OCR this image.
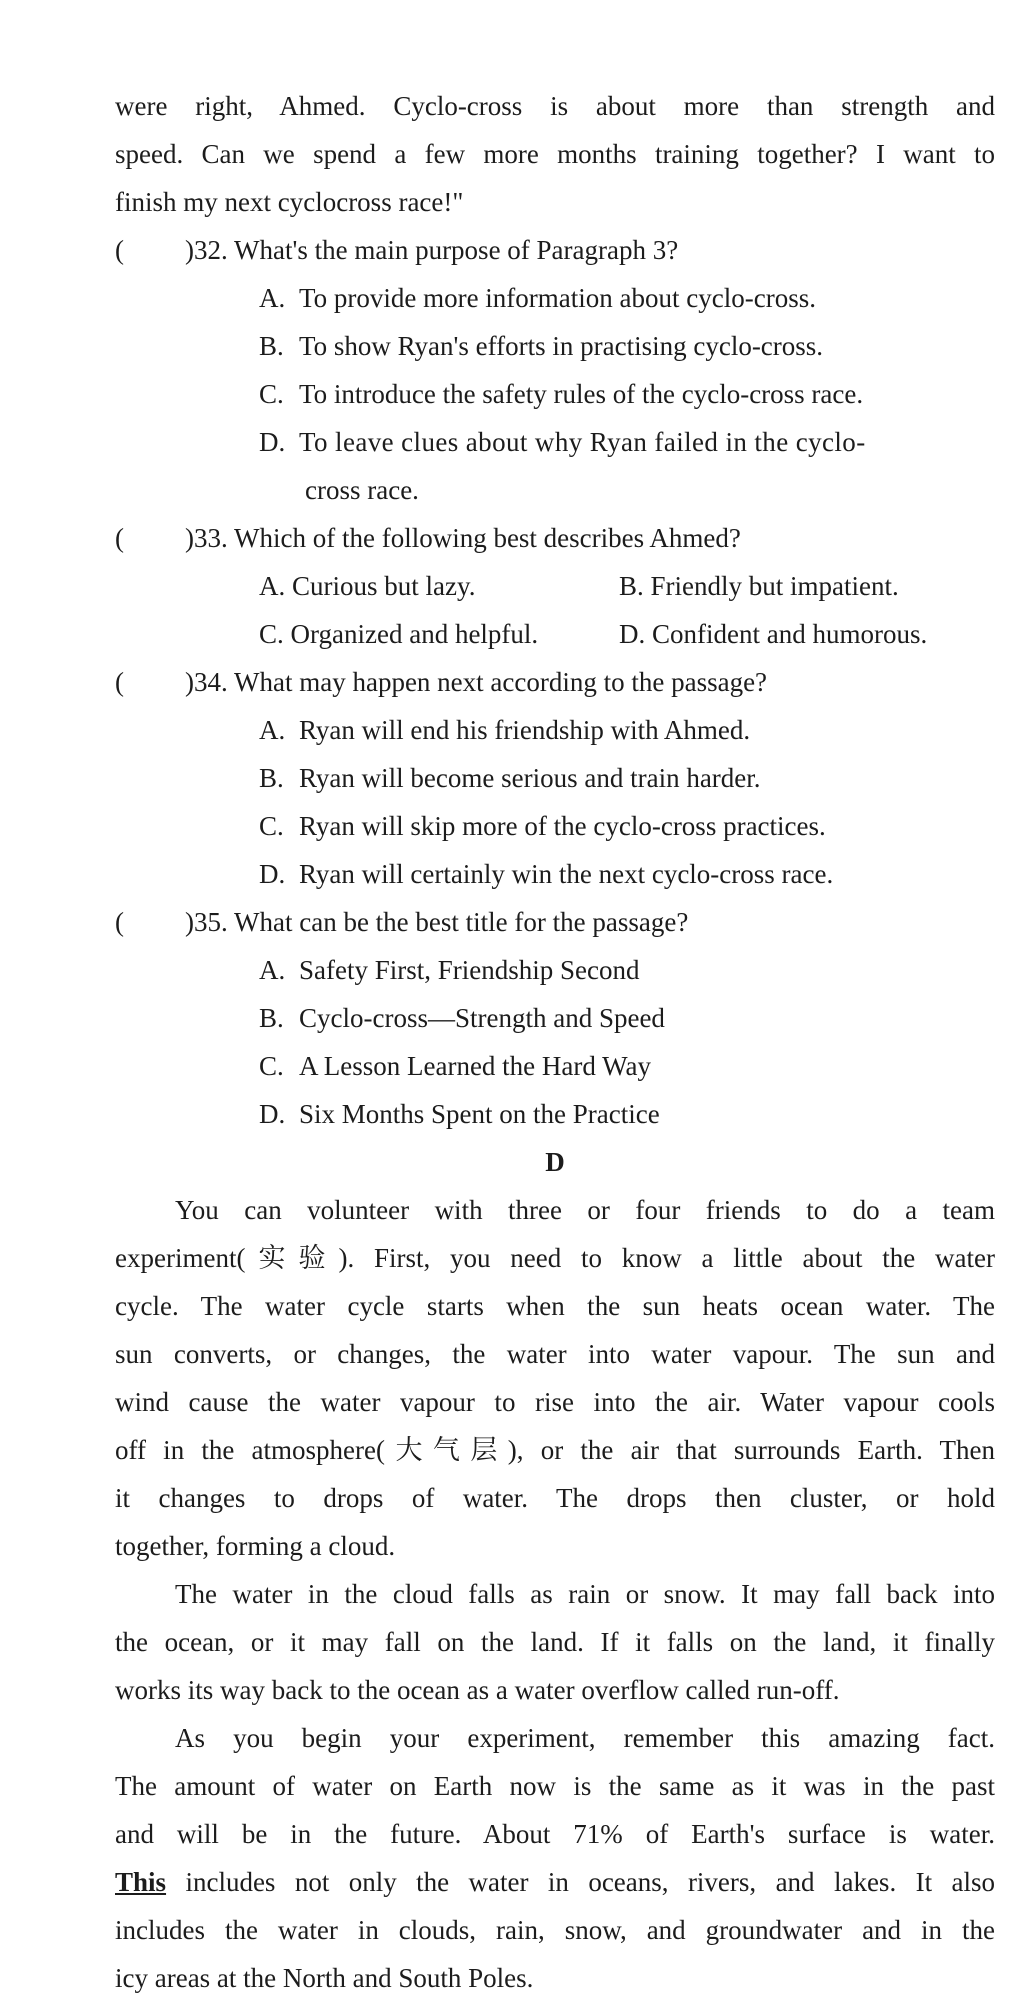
were right, Ahmed. Cyclo-cross is about more than strength and
speed. Can we spend a few more months training together? I want to
finish my next cyclocross race!"
( )32. What's the main purpose of Paragraph 3?
A. To provide more information about cyclo-cross.
B. To show Ryan's efforts in practising cyclo-cross.
C. To introduce the safety rules of the cyclo-cross race.
D. To leave clues about why Ryan failed in the cyclo-
cross race.
( )33. Which of the following best describes Ahmed?
A. Curious but lazy.	B. Friendly but impatient.
C. Organized and helpful.	D. Confident and humorous.
( )34. What may happen next according to the passage?
A. Ryan will end his friendship with Ahmed.
B. Ryan will become serious and train harder.
C. Ryan will skip more of the cyclo-cross practices.
D. Ryan will certainly win the next cyclo-cross race.
( )35. What can be the best title for the passage?
A. Safety First, Friendship Second
B. Cyclo-cross—Strength and Speed
C. A Lesson Learned the Hard Way
D. Six Months Spent on the Practice
D
You can volunteer with three or four friends to do a team
experiment(实验). First, you need to know a little about the water
cycle. The water cycle starts when the sun heats ocean water. The
sun converts, or changes, the water into water vapour. The sun and
wind cause the water vapour to rise into the air. Water vapour cools
off in the atmosphere(大气层), or the air that surrounds Earth. Then
it changes to drops of water. The drops then cluster, or hold
together, forming a cloud.
The water in the cloud falls as rain or snow. It may fall back into
the ocean, or it may fall on the land. If it falls on the land, it finally
works its way back to the ocean as a water overflow called run-off.
As you begin your experiment, remember this amazing fact.
The amount of water on Earth now is the same as it was in the past
and will be in the future. About 71% of Earth's surface is water.
This includes not only the water in oceans, rivers, and lakes. It also
includes the water in clouds, rain, snow, and groundwater and in the
icy areas at the North and South Poles.
